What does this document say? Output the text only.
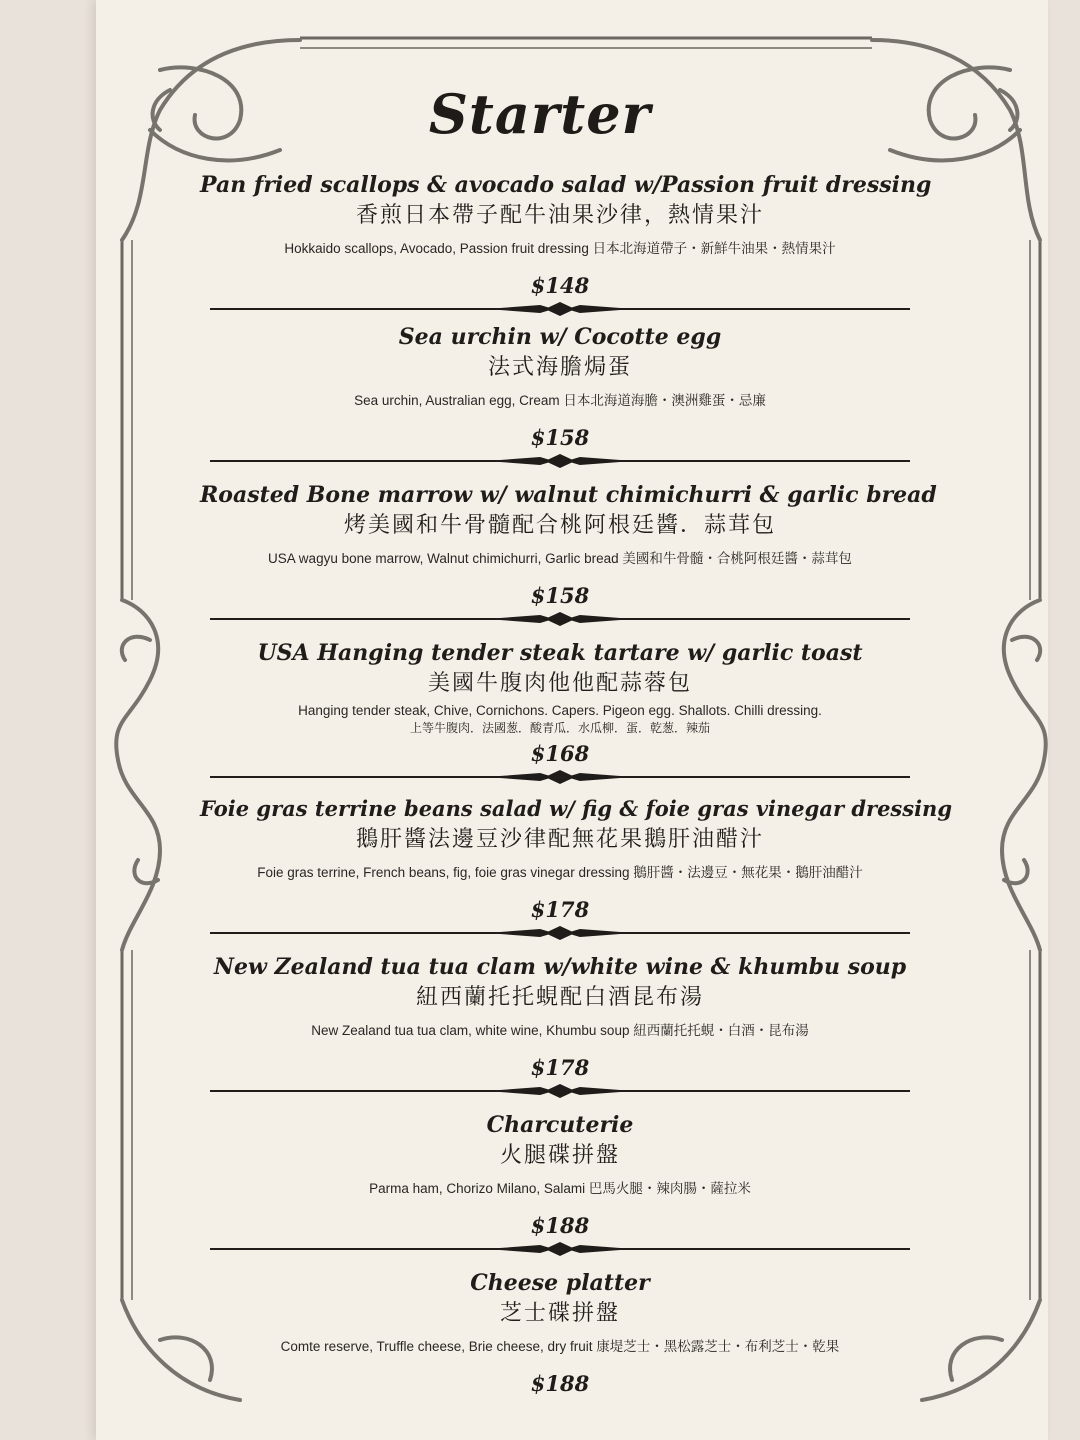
Starter
Pan fried scallops & avocado salad w/Passion fruit dressing
香煎日本帶子配牛油果沙律，熱情果汁
Hokkaido scallops, Avocado, Passion fruit dressing 日本北海道帶子・新鮮牛油果・熱情果汁
$148
Sea urchin w/ Cocotte egg
法式海膽焗蛋
Sea urchin, Australian egg, Cream 日本北海道海膽・澳洲雞蛋・忌廉
$158
Roasted Bone marrow w/ walnut chimichurri & garlic bread
烤美國和牛骨髓配合桃阿根廷醬．蒜茸包
USA wagyu bone marrow, Walnut chimichurri, Garlic bread 美國和牛骨髓・合桃阿根廷醬・蒜茸包
$158
USA Hanging tender steak tartare w/ garlic toast
美國牛腹肉他他配蒜蓉包
Hanging tender steak, Chive, Cornichons. Capers. Pigeon egg. Shallots. Chilli dressing.
上等牛腹肉．法國葱．酸青瓜．水瓜柳．蛋．乾葱．辣茄
$168
Foie gras terrine beans salad w/ fig & foie gras vinegar dressing
鵝肝醬法邊豆沙律配無花果鵝肝油醋汁
Foie gras terrine, French beans, fig, foie gras vinegar dressing 鵝肝醬・法邊豆・無花果・鵝肝油醋汁
$178
New Zealand tua tua clam w/white wine & khumbu soup
紐西蘭托托蜆配白酒昆布湯
New Zealand tua tua clam, white wine, Khumbu soup 紐西蘭托托蜆・白酒・昆布湯
$178
Charcuterie
火腿碟拼盤
Parma ham, Chorizo Milano, Salami 巴馬火腿・辣肉腸・薩拉米
$188
Cheese platter
芝士碟拼盤
Comte reserve, Truffle cheese, Brie cheese, dry fruit 康堤芝士・黑松露芝士・布利芝士・乾果
$188
